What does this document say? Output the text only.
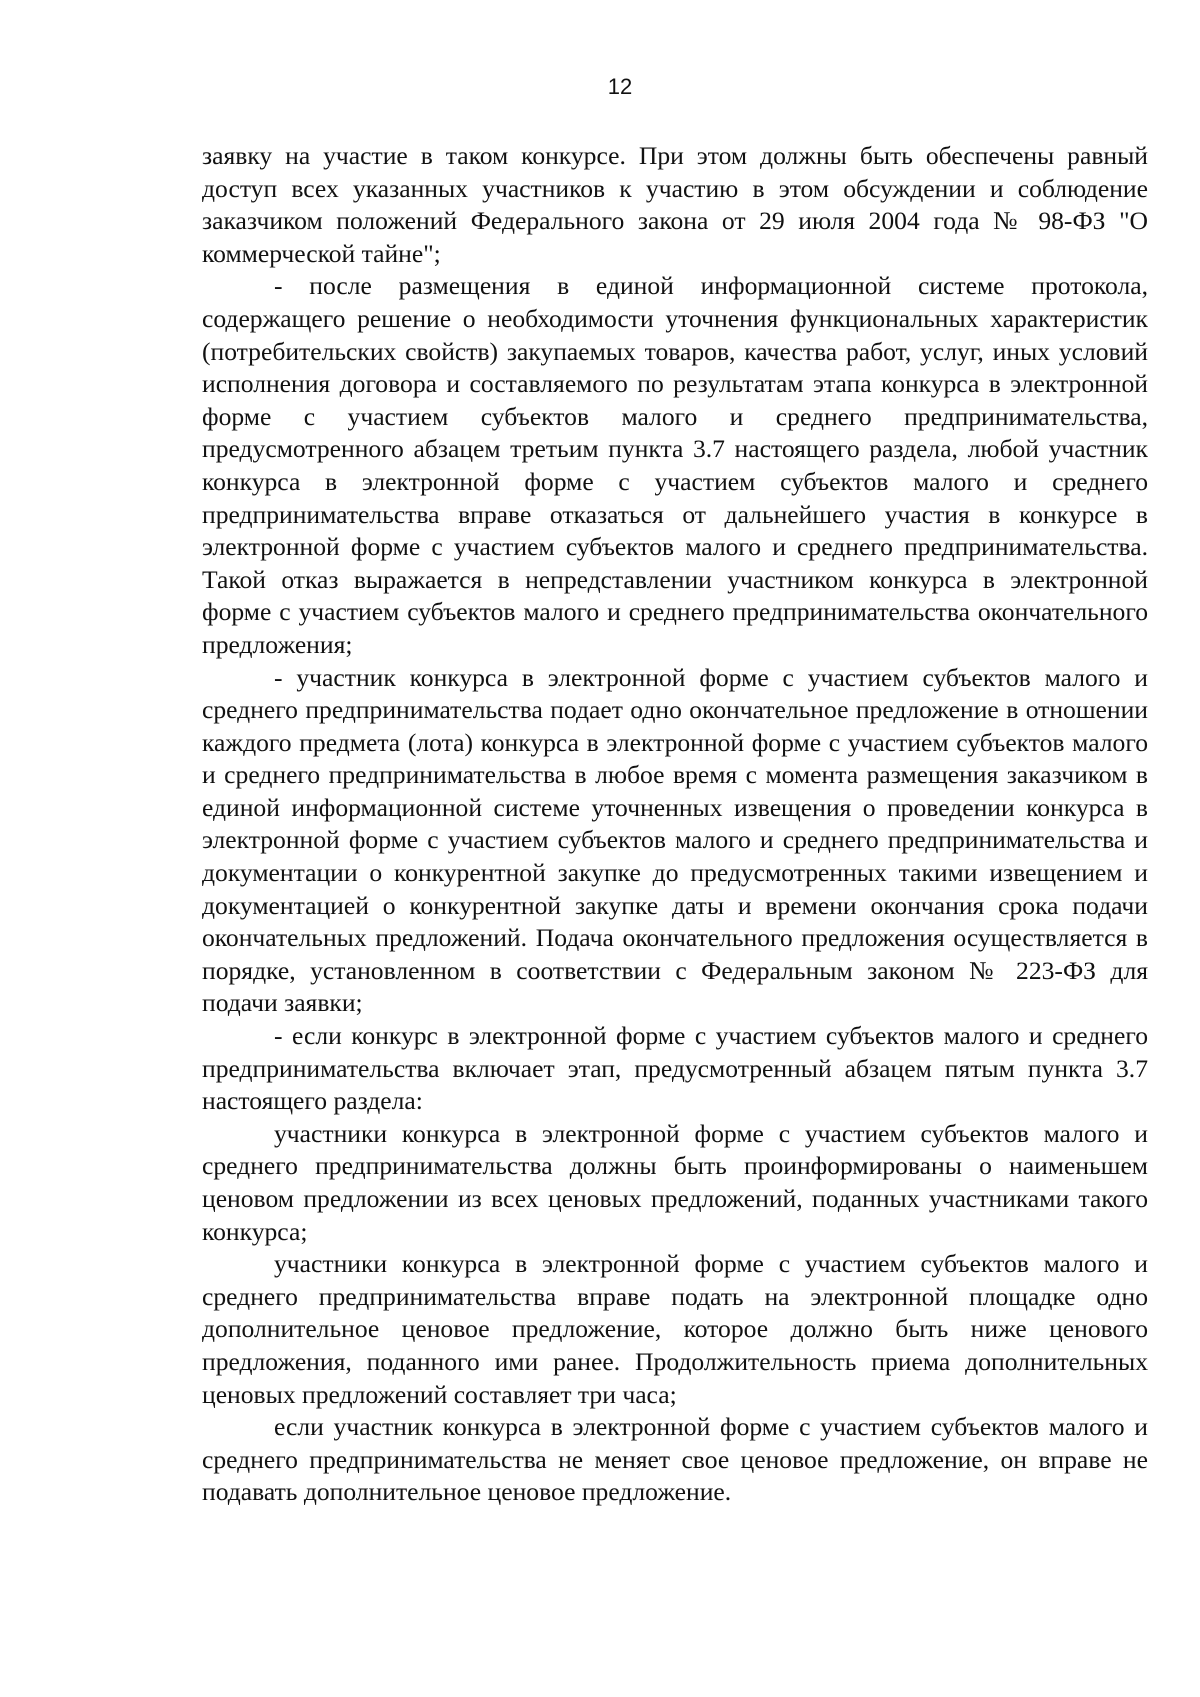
12

заявку на участие в таком конкурсе. При этом должны быть обеспечены равный доступ всех указанных участников к участию в этом обсуждении и соблюдение заказчиком положений Федерального закона от 29 июля 2004 года № 98-ФЗ "О коммерческой тайне";

- после размещения в единой информационной системе протокола, содержащего решение о необходимости уточнения функциональных характеристик (потребительских свойств) закупаемых товаров, качества работ, услуг, иных условий исполнения договора и составляемого по результатам этапа конкурса в электронной форме с участием субъектов малого и среднего предпринимательства, предусмотренного абзацем третьим пункта 3.7 настоящего раздела, любой участник конкурса в электронной форме с участием субъектов малого и среднего предпринимательства вправе отказаться от дальнейшего участия в конкурсе в электронной форме с участием субъектов малого и среднего предпринимательства. Такой отказ выражается в непредставлении участником конкурса в электронной форме с участием субъектов малого и среднего предпринимательства окончательного предложения;

- участник конкурса в электронной форме с участием субъектов малого и среднего предпринимательства подает одно окончательное предложение в отношении каждого предмета (лота) конкурса в электронной форме с участием субъектов малого и среднего предпринимательства в любое время с момента размещения заказчиком в единой информационной системе уточненных извещения о проведении конкурса в электронной форме с участием субъектов малого и среднего предпринимательства и документации о конкурентной закупке до предусмотренных такими извещением и документацией о конкурентной закупке даты и времени окончания срока подачи окончательных предложений. Подача окончательного предложения осуществляется в порядке, установленном в соответствии с Федеральным законом № 223-ФЗ для подачи заявки;

- если конкурс в электронной форме с участием субъектов малого и среднего предпринимательства включает этап, предусмотренный абзацем пятым пункта 3.7 настоящего раздела:

участники конкурса в электронной форме с участием субъектов малого и среднего предпринимательства должны быть проинформированы о наименьшем ценовом предложении из всех ценовых предложений, поданных участниками такого конкурса;

участники конкурса в электронной форме с участием субъектов малого и среднего предпринимательства вправе подать на электронной площадке одно дополнительное ценовое предложение, которое должно быть ниже ценового предложения, поданного ими ранее. Продолжительность приема дополнительных ценовых предложений составляет три часа;

если участник конкурса в электронной форме с участием субъектов малого и среднего предпринимательства не меняет свое ценовое предложение, он вправе не подавать дополнительное ценовое предложение.
